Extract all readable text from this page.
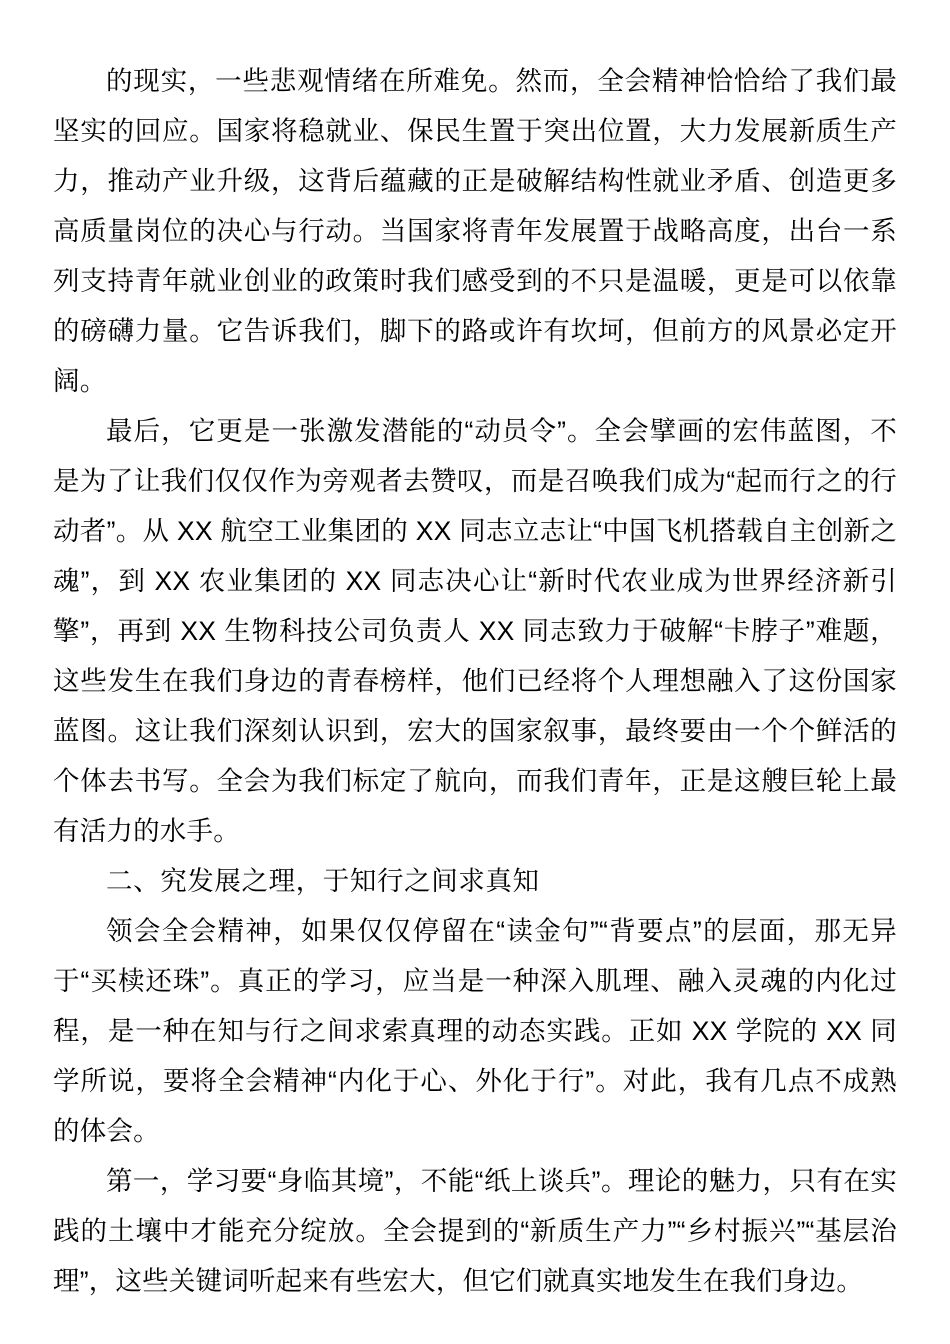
的现实，一些悲观情绪在所难免。然而，全会精神恰恰给了我们最坚实的回应。国家将稳就业、保民生置于突出位置，大力发展新质生产力，推动产业升级，这背后蕴藏的正是破解结构性就业矛盾、创造更多高质量岗位的决心与行动。当国家将青年发展置于战略高度，出台一系列支持青年就业创业的政策时我们感受到的不只是温暖，更是可以依靠的磅礴力量。它告诉我们，脚下的路或许有坎坷，但前方的风景必定开阔。

最后，它更是一张激发潜能的“动员令”。全会擘画的宏伟蓝图，不是为了让我们仅仅作为旁观者去赞叹，而是召唤我们成为“起而行之的行动者”。从 XX 航空工业集团的 XX 同志立志让“中国飞机搭载自主创新之魂”，到 XX 农业集团的 XX 同志决心让“新时代农业成为世界经济新引擎”，再到 XX 生物科技公司负责人 XX 同志致力于破解“卡脖子”难题，这些发生在我们身边的青春榜样，他们已经将个人理想融入了这份国家蓝图。这让我们深刻认识到，宏大的国家叙事，最终要由一个个鲜活的个体去书写。全会为我们标定了航向，而我们青年，正是这艘巨轮上最有活力的水手。

二、究发展之理，于知行之间求真知

领会全会精神，如果仅仅停留在“读金句”“背要点”的层面，那无异于“买椟还珠”。真正的学习，应当是一种深入肌理、融入灵魂的内化过程，是一种在知与行之间求索真理的动态实践。正如 XX 学院的 XX 同学所说，要将全会精神“内化于心、外化于行”。对此，我有几点不成熟的体会。

第一，学习要“身临其境”，不能“纸上谈兵”。理论的魅力，只有在实践的土壤中才能充分绽放。全会提到的“新质生产力”“乡村振兴”“基层治理”，这些关键词听起来有些宏大，但它们就真实地发生在我们身边。
